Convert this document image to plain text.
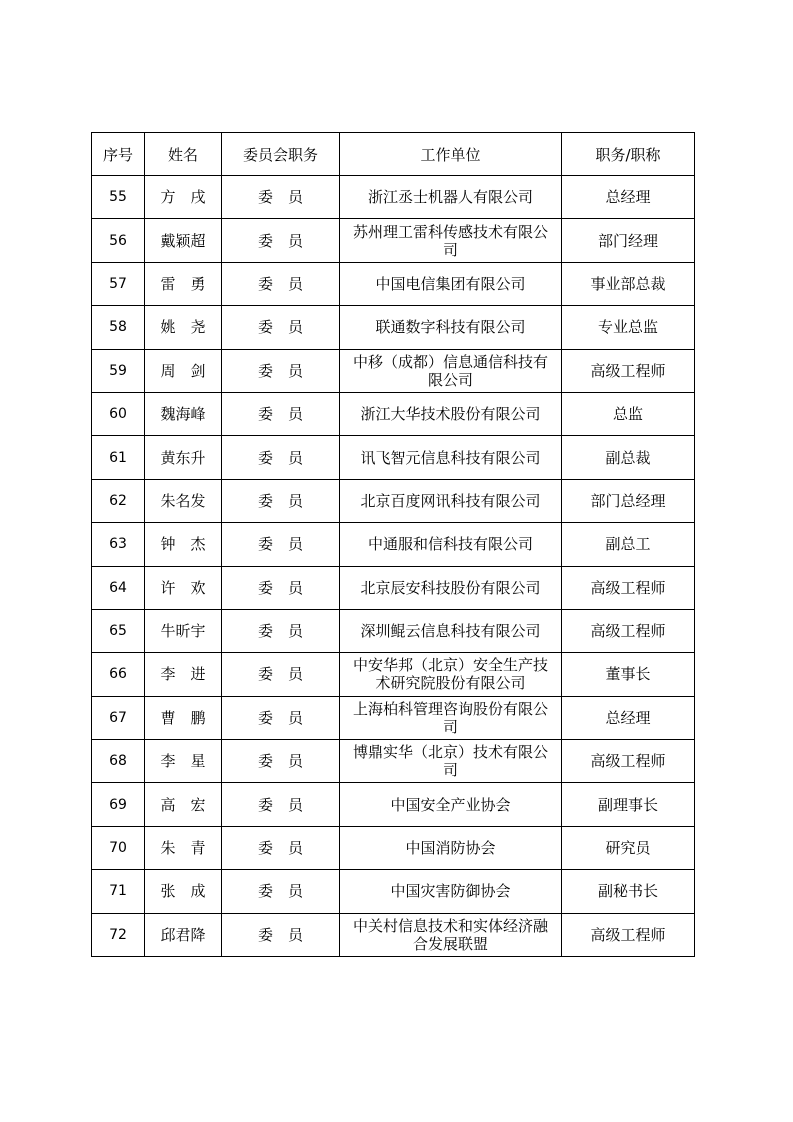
序号	姓名	委员会职务	工作单位	职务/职称
55	方　戌	委　员	浙江丞士机器人有限公司	总经理
56	戴颖超	委　员	苏州理工雷科传感技术有限公司	部门经理
57	雷　勇	委　员	中国电信集团有限公司	事业部总裁
58	姚　尧	委　员	联通数字科技有限公司	专业总监
59	周　剑	委　员	中移（成都）信息通信科技有限公司	高级工程师
60	魏海峰	委　员	浙江大华技术股份有限公司	总监
61	黄东升	委　员	讯飞智元信息科技有限公司	副总裁
62	朱名发	委　员	北京百度网讯科技有限公司	部门总经理
63	钟　杰	委　员	中通服和信科技有限公司	副总工
64	许　欢	委　员	北京辰安科技股份有限公司	高级工程师
65	牛昕宇	委　员	深圳鲲云信息科技有限公司	高级工程师
66	李　进	委　员	中安华邦（北京）安全生产技术研究院股份有限公司	董事长
67	曹　鹏	委　员	上海柏科管理咨询股份有限公司	总经理
68	李　星	委　员	博鼎实华（北京）技术有限公司	高级工程师
69	高　宏	委　员	中国安全产业协会	副理事长
70	朱　青	委　员	中国消防协会	研究员
71	张　成	委　员	中国灾害防御协会	副秘书长
72	邱君降	委　员	中关村信息技术和实体经济融合发展联盟	高级工程师
